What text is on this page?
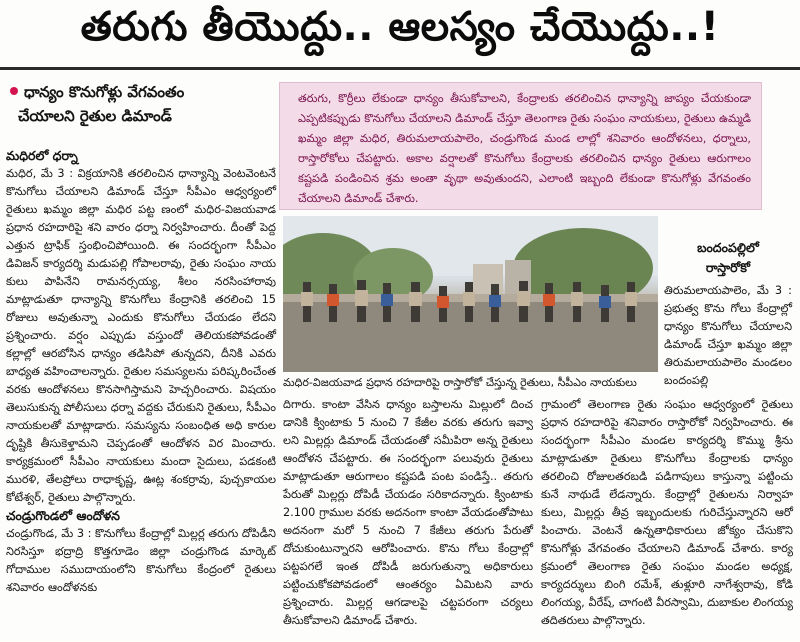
తరుగు తీయొద్దు.. ఆలస్యం చేయొద్దు..!
ధాన్యం కొనుగోళ్లు వేగవంతం
చేయాలని రైతుల డిమాండ్
మధిరలో ధర్నా

మధిర, మే 3 : విక్రయానికి తరలించిన ధాన్యాన్ని వెంటవెంటనే కొనుగోలు చేయాలని డిమాండ్ చేస్తూ సీపీఎం ఆధ్వర్యంలో రైతులు ఖమ్మం జిల్లా మధిర పట్ట ణంలో మధిర-విజయవాడ ప్రధాన రహదారిపై శని వారం ధర్నా నిర్వహించారు. దీంతో పెద్ద ఎత్తున ట్రాఫిక్ స్తంభించిపోయింది. ఈ సందర్భంగా సీపీఎం డివిజన్ కార్యదర్శి మడుపల్లి గోపాలరావు, రైతు సంఘం నాయ కులు పాపినేని రామనర్సయ్య, శీలం నరసింహారావు మాట్లాడుతూ ధాన్యాన్ని కొనుగోలు కేంద్రానికి తరలించి 15 రోజులు అవుతున్నా ఎందుకు కొనుగోలు చేయడం లేదని ప్రశ్నించారు. వర్షం ఎప్పుడు వస్తుందో తెలియకపోవడంతో కల్లాల్లో ఆరబోసిన ధాన్యం తడిసిపో తున్నదని, దీనికి ఎవరు బాధ్యత వహించాలన్నారు. రైతుల సమస్యలను పరిష్కరించేంత వరకు ఆందోళనలు కొనసాగిస్తామని హెచ్చరించారు. విషయం తెలుసుకున్న పోలీసులు ధర్నా వద్దకు చేరుకుని రైతులు, సీపీఎం నాయకులతో మాట్లాడారు. సమస్యను సంబంధిత అధి కారుల దృష్టికి తీసుకెళ్తామని చెప్పడంతో ఆందోళన విర మించారు. కార్యక్రమంలో సీపీఎం నాయకులు మందా సైదులు, పడకంటి మురళి, తేలప్రోలు రాధాకృష్ణ, ఊట్ల శంకర్రావు, పుచ్చకాయల కోటేశ్వర్, రైతులు పాల్గొన్నారు.

చండ్రుగొండలో ఆందోళన

చండ్రుగొండ, మే 3 : కొనుగోలు కేంద్రాల్లో మిల్లర్ల తరుగు దోపిడీని నిరసిస్తూ భద్రాద్రి కొత్తగూడెం జిల్లా చండ్రుగొండ మార్కెట్ గోదాముల సముదాయంలోని కొనుగోలు కేంద్రంలో రైతులు శనివారం ఆందోళనకు

తరుగు, కొర్రీలు లేకుండా ధాన్యం తీసుకోవాలని, కేంద్రాలకు తరలించిన ధాన్యాన్ని జాప్యం చేయకుండా ఎప్పటికప్పుడు కొనుగోలు చేయాలని డిమాండ్ చేస్తూ తెలంగాణ రైతు సంఘం నాయకులు, రైతులు ఉమ్మడి ఖమ్మం జిల్లా మధిర, తిరుమలాయపాలెం, చండ్రుగొండ మండ లాల్లో శనివారం ఆందోళనలు, ధర్నాలు, రాస్తారోకోలు చేపట్టారు. అకాల వర్షాలతో కొనుగోలు కేంద్రాలకు తరలించిన ధాన్యం రైతులు ఆరుగాలం కష్టపడి పండించిన శ్రమ అంతా వృథా అవుతుందని, ఎలాంటి ఇబ్బంది లేకుండా కొనుగోళ్లు వేగవంతం చేయాలని డిమాండ్ చేశారు.
మధిర-విజయవాడ ప్రధాన రహదారిపై రాస్తారోకో చేస్తున్న రైతులు, సీపీఎం నాయకులు
బందంపల్లిలో
రాస్తారోకో

తిరుమలాయపాలెం, మే 3 : ప్రభుత్వ కొను గోలు కేంద్రాల్లో ధాన్యం కొనుగోలు చేయాలని డిమాండ్ చేస్తూ ఖమ్మం జిల్లా తిరుమలాయపాలెం మండలం బందంపల్లి

దిగారు. కాంటా వేసిన ధాన్యం బస్తాలను మిల్లులో దించ డానికి క్వింటాకు 5 నుంచి 7 కేజీల వరకు తరుగు ఇవ్వా లని మిల్లర్లు డిమాండ్ చేయడంతో సమీపిరా అన్న రైతులు ఆందోళన చేపట్టారు. ఈ సందర్భంగా పలువురు రైతులు మాట్లాడుతూ ఆరుగాలం కష్టపడి పంట పండిస్తే.. తరుగు పేరుతో మిల్లర్లు దోపిడీ చేయడం సరికాదన్నారు. క్వింటాకు 2.100 గ్రాముల వరకు అదనంగా కాంటా వేయడంతోపాటు అదనంగా మరో 5 నుంచి 7 కేజీలు తరుగు పేరుతో దోచుకుంటున్నారని ఆరోపించారు. కొను గోలు కేంద్రాల్లో పట్టపగలే ఇంత దోపిడీ జరుగుతున్నా అధికారులు పట్టించుకోకపోవడంలో ఆంతర్యం ఏమిటని వారు ప్రశ్నించారు. మిల్లర్ల ఆగడాలపై చట్టపరంగా చర్యలు తీసుకోవాలని డిమాండ్ చేశారు.

గ్రామంలో తెలంగాణ రైతు సంఘం ఆధ్వర్యంలో రైతులు ప్రధాన రహదారిపై శనివారం రాస్తారోకో నిర్వహించారు. ఈ సందర్భంగా సీపీఎం మండల కార్యదర్శి కొమ్ము శ్రీను మాట్లాడుతూ రైతులు కొనుగోలు కేంద్రాలకు ధాన్యం తరలించి రోజులతరబడి పడిగాపులు కాస్తున్నా పట్టించు కునే నాథుడే లేడన్నారు. కేంద్రాల్లో రైతులను నిర్వాహ కులు, మిల్లర్లు తీవ్ర ఇబ్బందులకు గురిచేస్తున్నారని ఆరో పించారు. వెంటనే ఉన్నతాధికారులు జోక్యం చేసుకొని కొనుగోళ్లు వేగవంతం చేయాలని డిమాండ్ చేశారు. కార్య క్రమంలో తెలంగాణ రైతు సంఘం మండల అధ్యక్ష, కార్యదర్శులు బింగి రమేశ్, తుళ్లూరి నాగేశ్వరావు, కోడి లింగయ్య, వీరేష్, చాగంటి వీరస్వామి, దుబాకుల లింగయ్య తదితరులు పాల్గొన్నారు.
